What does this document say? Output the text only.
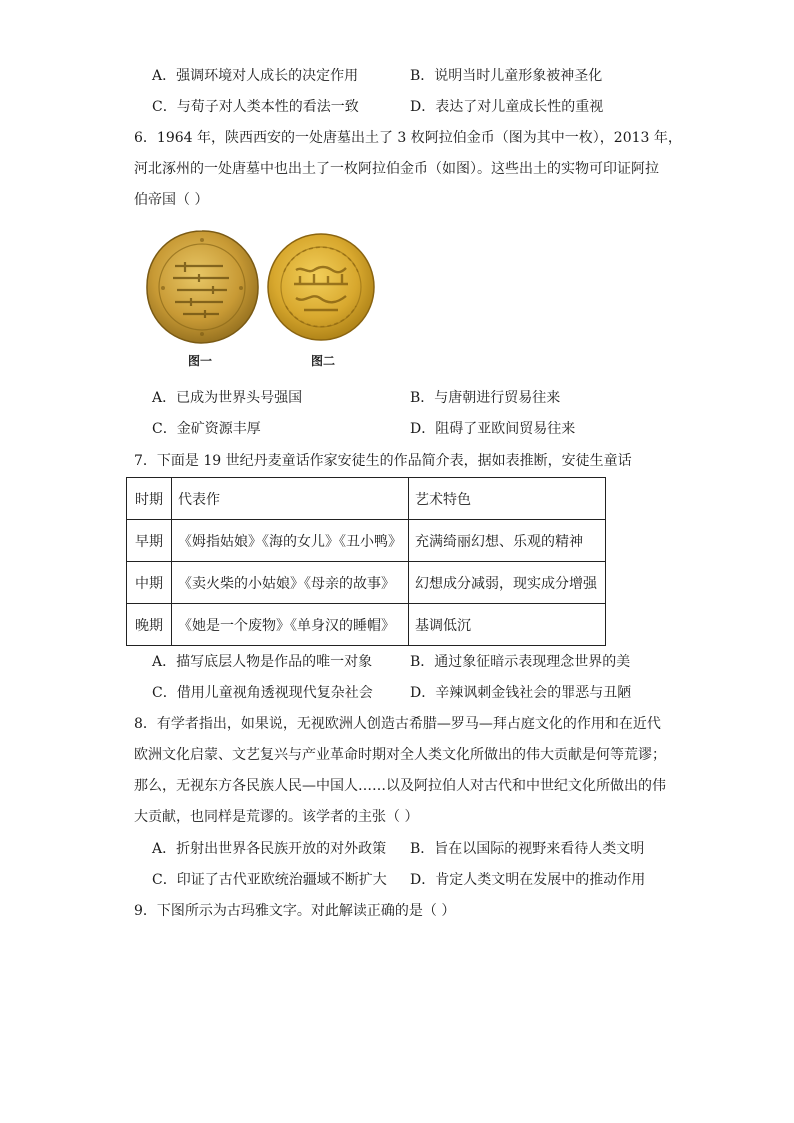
A．强调环境对人成长的决定作用	B．说明当时儿童形象被神圣化
C．与荀子对人类本性的看法一致	D．表达了对儿童成长性的重视
6．1964 年，陕西西安的一处唐墓出土了 3 枚阿拉伯金币（图为其中一枚），2013 年，
河北涿州的一处唐墓中也出土了一枚阿拉伯金币（如图）。这些出土的实物可印证阿拉
伯帝国（ ）
图一	图二
A．已成为世界头号强国	B．与唐朝进行贸易往来
C．金矿资源丰厚	D．阻碍了亚欧间贸易往来
7．下面是 19 世纪丹麦童话作家安徒生的作品简介表，据如表推断，安徒生童话
时期	代表作	艺术特色
早期	《姆指姑娘》《海的女儿》《丑小鸭》	充满绮丽幻想、乐观的精神
中期	《卖火柴的小姑娘》《母亲的故事》	幻想成分减弱，现实成分增强
晚期	《她是一个废物》《单身汉的睡帽》	基调低沉
A．描写底层人物是作品的唯一对象	B．通过象征暗示表现理念世界的美
C．借用儿童视角透视现代复杂社会	D．辛辣讽刺金钱社会的罪恶与丑陋
8．有学者指出，如果说，无视欧洲人创造古希腊—罗马—拜占庭文化的作用和在近代
欧洲文化启蒙、文艺复兴与产业革命时期对全人类文化所做出的伟大贡献是何等荒谬；
那么，无视东方各民族人民—中国人……以及阿拉伯人对古代和中世纪文化所做出的伟
大贡献，也同样是荒谬的。该学者的主张（ ）
A．折射出世界各民族开放的对外政策 B．旨在以国际的视野来看待人类文明
C．印证了古代亚欧统治疆域不断扩大 D．肯定人类文明在发展中的推动作用
9．下图所示为古玛雅文字。对此解读正确的是（ ）
